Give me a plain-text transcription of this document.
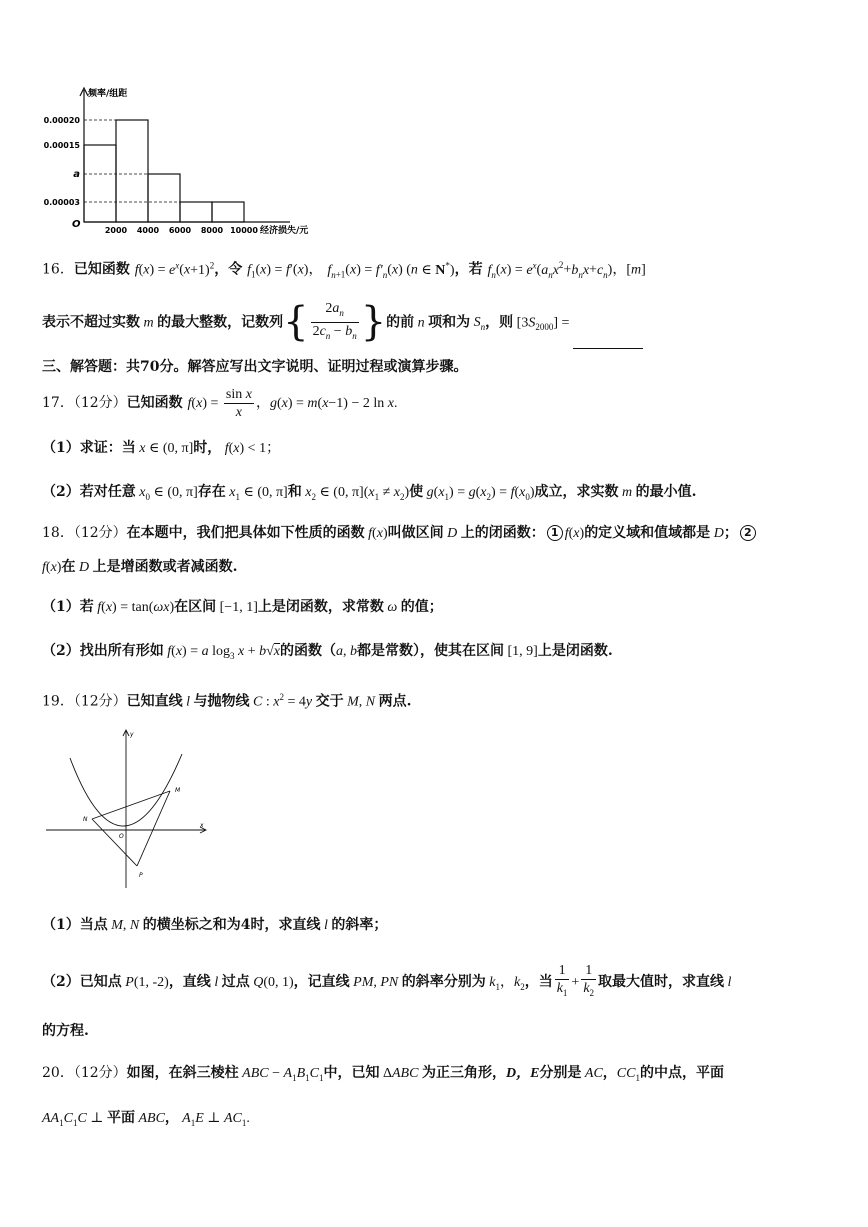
频率/组距
经济损失/元
O
0.00020
0.00015
a
0.00003
2000 4000 6000 8000 10000
16．已知函数 $f(x) = e^x(x+1)^2$，令 $f_1(x) = f'(x)$， $f_{n+1}(x) = f'_n(x)$ (n ∈ N*)，若 $f_n(x) = e^x(a_nx^2+b_nx+c_n)$，[m]
表示不超过实数 m 的最大整数，记数列{ $\frac{2a_n}{2c_n - b_n}$ }的前 n 项和为 $S_n$，则 $[3S_{2000}]$ =
三、解答题：共70分。解答应写出文字说明、证明过程或演算步骤。
17．（12分）已知函数 $f(x) = \frac{\text{sin x}}{x}$ ，g(x) = m(x−1) − 2 ln x.
（1）求证：当 x ∈ (0, π]时， f(x) < 1；
（2）若对任意 $x_0$ ∈ (0, π]存在 $x_1$ ∈ (0, π]和 $x_2$ ∈ (0, $\pi](x_1 \ne x_2)$使 $g(x_1) = g(x_2) = f(x_0)$成立，求实数 m 的最小值.
18．（12分）在本题中，我们把具体如下性质的函数 f(x)叫做区间 D 上的闭函数： 1 f(x)的定义域和值域都是 D； 2
f(x)在 D 上是增函数或者减函数.
（1）若 f(x) = tan(ωx)在区间 [−1, 1]上是闭函数，求常数 ω 的值；
（2）找出所有形如 f(x) = a $\log_3 x + b√x$的函数（a, b都是常数），使其在区间 [1, 9]上是闭函数.
19．（12分）已知直线 l 与抛物线 C : $x^2 = 4y$ 交于 M, N 两点.
y
x
O
M
N
P
（1）当点 M, N 的横坐标之和为4时，求直线 l 的斜率；
（2）已知点 P(1, -2)，直线 l 过点 Q(0, 1)，记直线 PM, PN 的斜率分别为 $k_1$，$k_2$，当 $\frac{1}{k_1} + \frac{1}{k_2}$ 取最大值时，求直线 l
的方程.
20．（12分）如图，在斜三棱柱 ABC − $A_1B_1C_1$中，已知 ΔABC 为正三角形，D，E分别是 AC，$CC_1$的中点，平面
$AA_1C_1C$ ⊥ 平面 ABC， $A_1E$ ⊥ $AC_1$.
